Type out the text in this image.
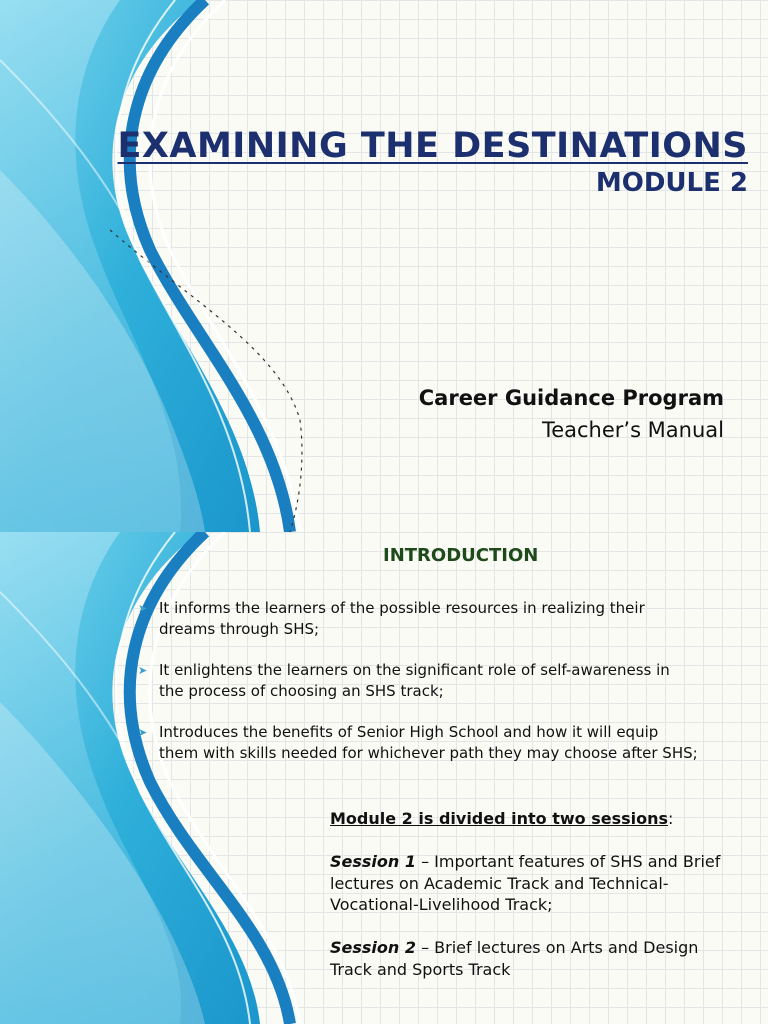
EXAMINING THE DESTINATIONS
MODULE 2
Career Guidance Program
Teacher’s Manual
INTRODUCTION
➤ It informs the learners of the possible resources in realizing their dreams through SHS;
➤ It enlightens the learners on the significant role of self-awareness in the process of choosing an SHS track;
➤ Introduces the benefits of Senior High School and how it will equip them with skills needed for whichever path they may choose after SHS;

Module 2 is divided into two sessions:

Session 1 – Important features of SHS and Brief lectures on Academic Track and Technical-Vocational-Livelihood Track;

Session 2 – Brief lectures on Arts and Design Track and Sports Track
